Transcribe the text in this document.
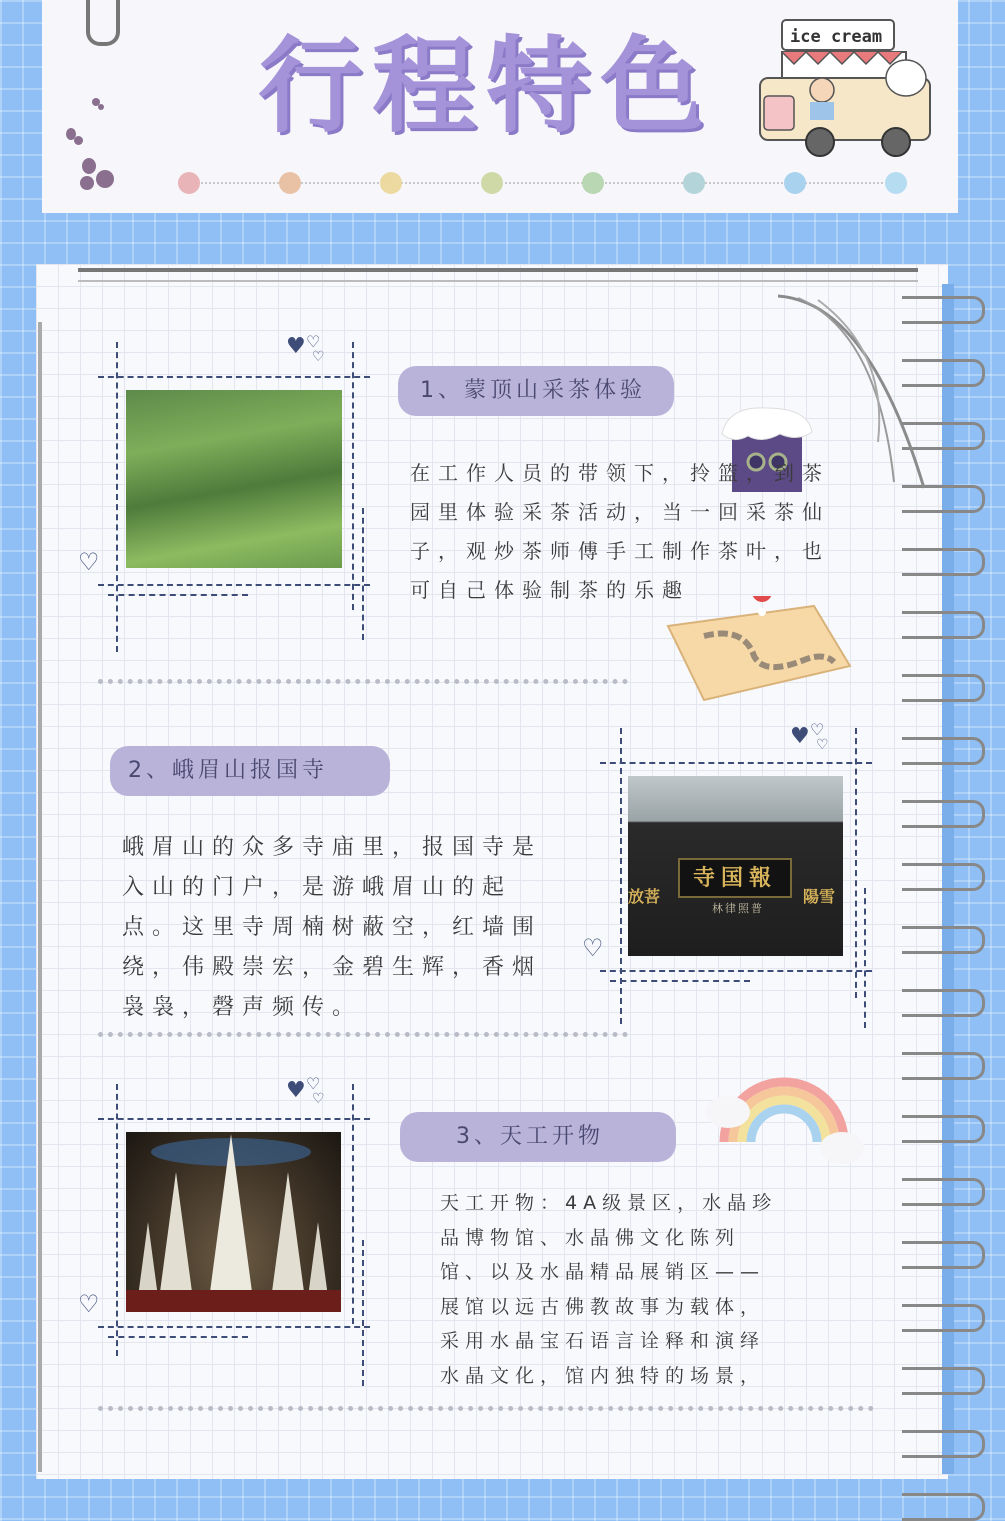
行程特色	ice cream
♥ ♡
♡
♡
1、蒙顶山采茶体验
在工作人员的带领下，拎篮，到茶园里体验采茶活动，当一回采茶仙子，观炒茶师傅手工制作茶叶，也可自己体验制茶的乐趣
2、峨眉山报国寺
峨眉山的众多寺庙里，报国寺是入山的门户，是游峨眉山的起点。这里寺周楠树蔽空，红墙围绕，伟殿崇宏，金碧生辉，香烟袅袅，磬声频传。
♥ ♡
♡
♡
寺国報
放菩	陽雪
林律照普
♥ ♡
♡
♡
3、天工开物
天工开物：4A级景区，水晶珍品博物馆、水晶佛文化陈列馆、以及水晶精品展销区——展馆以远古佛教故事为载体，采用水晶宝石语言诠释和演绎水晶文化，馆内独特的场景，
